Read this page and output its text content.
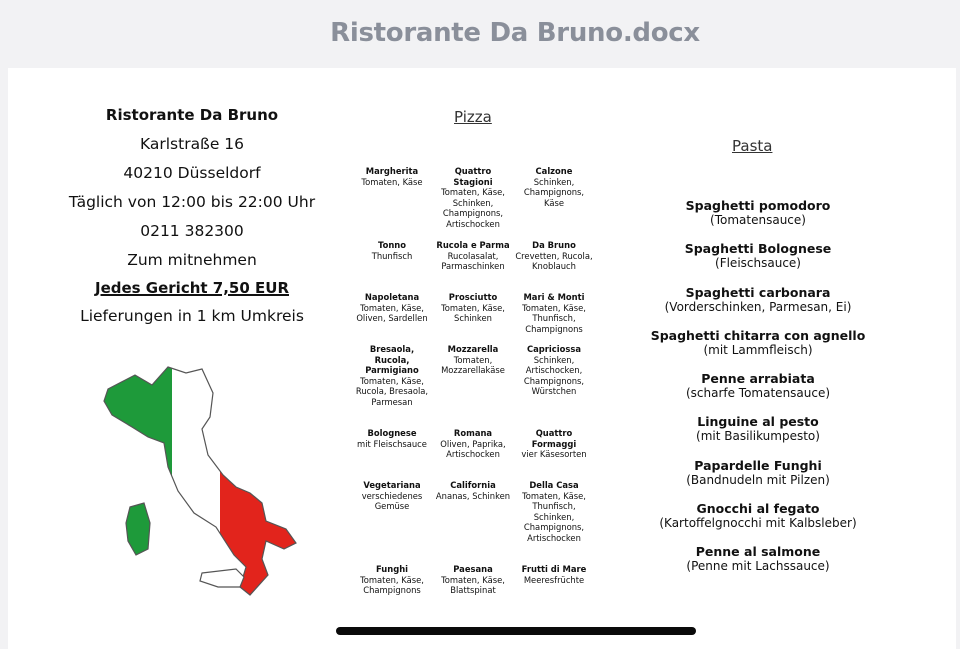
Ristorante Da Bruno.docx
Ristorante Da Bruno
Karlstraße 16
40210 Düsseldorf
Täglich von 12:00 bis 22:00 Uhr
0211 382300
Zum mitnehmen
Jedes Gericht 7,50 EUR
Lieferungen in 1 km Umkreis
Pizza
Margherita
Tomaten, Käse
Quattro Stagioni
Tomaten, Käse, Schinken, Champignons, Artischocken
Calzone
Schinken, Champignons, Käse
Tonno
Thunfisch
Rucola e Parma
Rucolasalat, Parmaschinken
Da Bruno
Crevetten, Rucola, Knoblauch
Napoletana
Tomaten, Käse, Oliven, Sardellen
Prosciutto
Tomaten, Käse, Schinken
Mari & Monti
Tomaten, Käse, Thunfisch, Champignons
Bresaola, Rucola, Parmigiano
Tomaten, Käse, Rucola, Bresaola, Parmesan
Mozzarella
Tomaten, Mozzarellakäse
Capriciossa
Schinken, Artischocken, Champignons, Würstchen
Bolognese
mit Fleischsauce
Romana
Oliven, Paprika, Artischocken
Quattro Formaggi
vier Käsesorten
Vegetariana
verschiedenes Gemüse
California
Ananas, Schinken
Della Casa
Tomaten, Käse, Thunfisch, Schinken, Champignons, Artischocken
Funghi
Tomaten, Käse, Champignons
Paesana
Tomaten, Käse, Blattspinat
Frutti di Mare
Meeresfrüchte
Pasta
Spaghetti pomodoro
(Tomatensauce)
Spaghetti Bolognese
(Fleischsauce)
Spaghetti carbonara
(Vorderschinken, Parmesan, Ei)
Spaghetti chitarra con agnello
(mit Lammfleisch)
Penne arrabiata
(scharfe Tomatensauce)
Linguine al pesto
(mit Basilikumpesto)
Papardelle Funghi
(Bandnudeln mit Pilzen)
Gnocchi al fegato
(Kartoffelgnocchi mit Kalbsleber)
Penne al salmone
(Penne mit Lachssauce)
